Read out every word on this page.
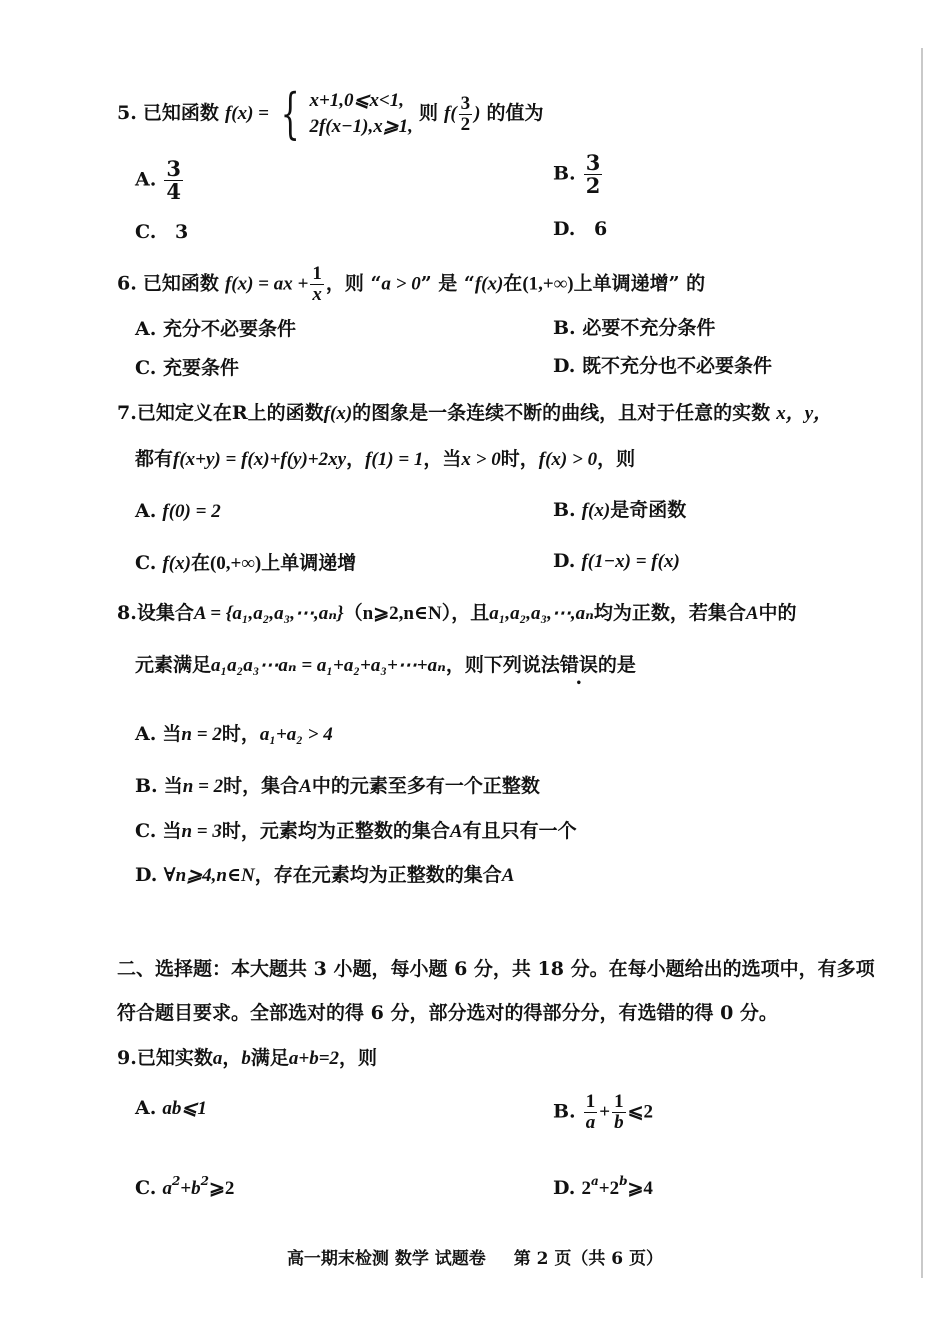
5. 已知函数 f(x) = { x+1,0⩽x<1,
2f(x−1),x⩾1,
则 $f( \frac{3}{2}$ ) 的值为
A. $\frac{3}{4}$	B. $\frac{3}{2}$
C. 3	D. 6
6. 已知函数 f(x) = ax + $\frac{1}{x}$ ，则 “a > 0” 是 “f(x)在(1,+∞)上单调递增” 的
A. 充分不必要条件	B. 必要不充分条件
C. 充要条件	D. 既不充分也不必要条件
7.已知定义在R上的函数f(x)的图象是一条连续不断的曲线，且对于任意的实数 x，y，
都有f(x+y) = f(x)+f(y)+2xy，f(1) = 1，当x > 0时，f(x) > 0，则
A. f(0) = 2	B. f(x)是奇函数
C. f(x)在(0,+∞)上单调递增	D. f(1−x) = f(x)
8.设集合A = {a₁,a₂,a₃,⋯,aₙ}（n⩾2,n∈N），且a₁,a₂,a₃,⋯,aₙ均为正数，若集合A中的
元素满足a₁a₂a₃⋯aₙ = a₁+a₂+a₃+⋯+aₙ，则下列说法错误的是
A. 当n = 2时，a₁+a₂ > 4
B. 当n = 2时，集合A中的元素至多有一个正整数
C. 当n = 3时，元素均为正整数的集合A有且只有一个
D. ∀n⩾4,n∈N，存在元素均为正整数的集合A
二、选择题：本大题共 3 小题，每小题 6 分，共 18 分。在每小题给出的选项中，有多项
符合题目要求。全部选对的得 6 分，部分选对的得部分分，有选错的得 0 分。
9.已知实数a，b满足a+b=2，则
A. ab⩽1	B. $\frac{1}{a} + \frac{1}{b}$ ⩽2
C. $a^2+b^2⩾2$	D. $2^a+2^b⩾4$
高一期末检测 数学 试题卷 第 2 页（共 6 页）
